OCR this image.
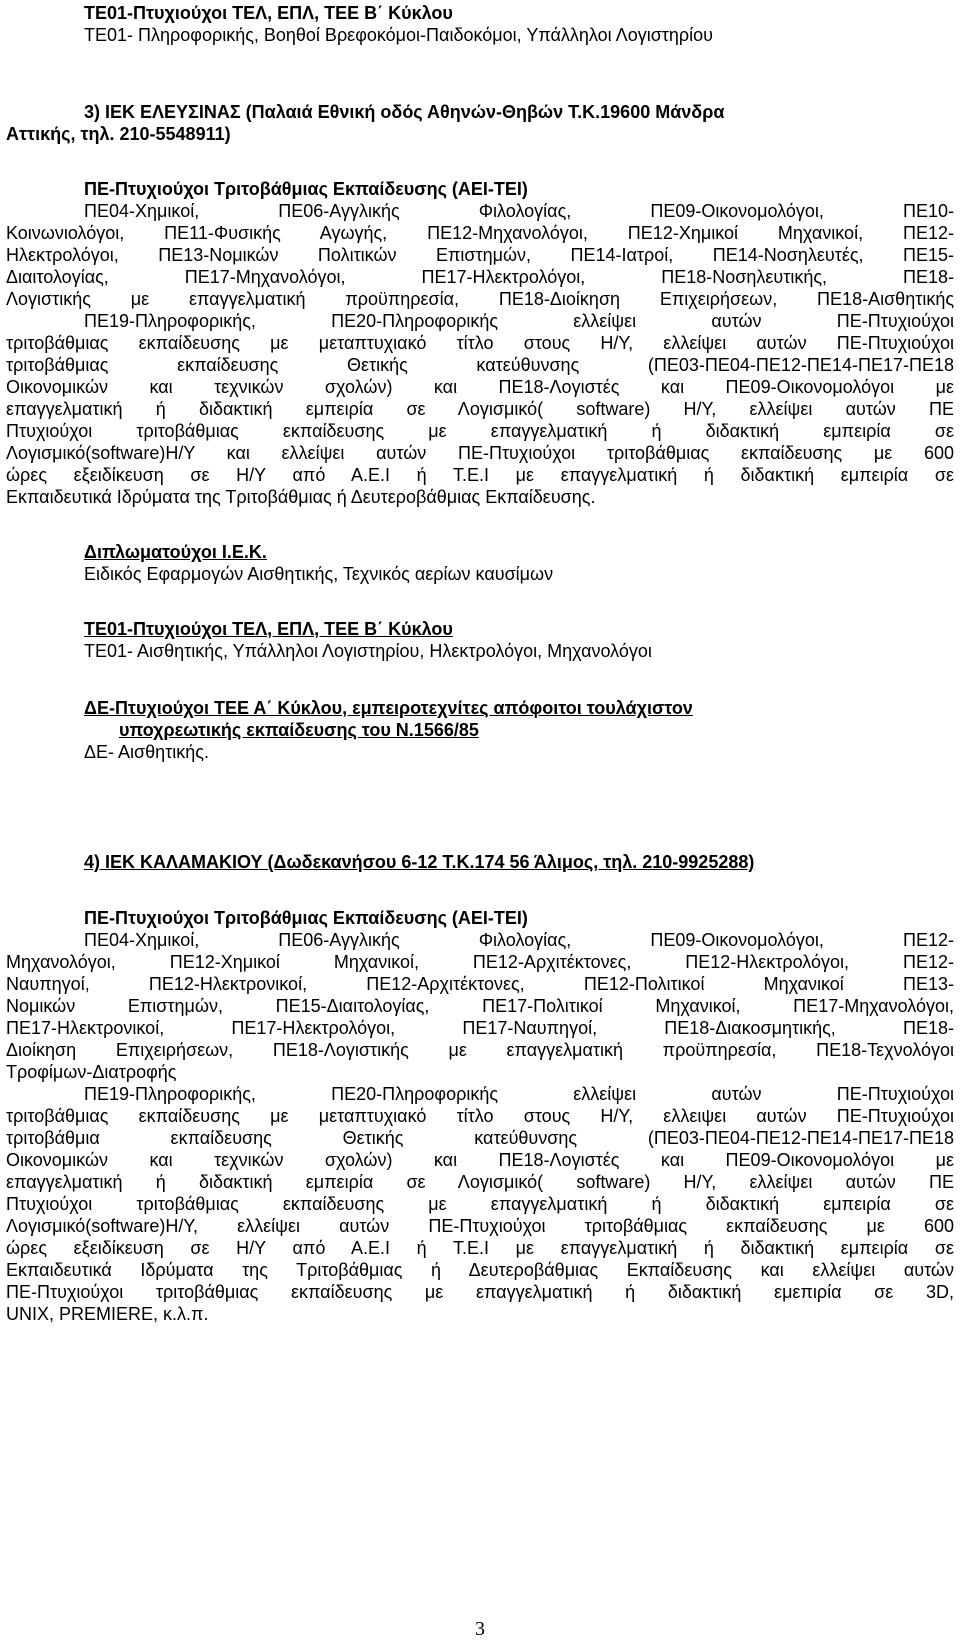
ΤΕ01-Πτυχιούχοι ΤΕΛ, ΕΠΛ, ΤΕΕ Β΄ Κύκλου
ΤΕ01- Πληροφορικής, Βοηθοί Βρεφοκόμοι-Παιδοκόμοι, Υπάλληλοι Λογιστηρίου
3) ΙΕΚ ΕΛΕΥΣΙΝΑΣ (Παλαιά Εθνική οδός Αθηνών-Θηβών Τ.Κ.19600 Μάνδρα
Αττικής, τηλ. 210-5548911)
ΠΕ-Πτυχιούχοι Τριτοβάθμιας Εκπαίδευσης (ΑΕΙ-ΤΕΙ)
ΠΕ04-Χημικοί, ΠΕ06-Αγγλικής Φιλολογίας, ΠΕ09-Οικονομολόγοι, ΠΕ10-
Κοινωνιολόγοι, ΠΕ11-Φυσικής Αγωγής, ΠΕ12-Μηχανολόγοι, ΠΕ12-Χημικοί Μηχανικοί, ΠΕ12-
Ηλεκτρολόγοι, ΠΕ13-Νομικών Πολιτικών Επιστημών, ΠΕ14-Ιατροί, ΠΕ14-Νοσηλευτές, ΠΕ15-
Διαιτολογίας, ΠΕ17-Μηχανολόγοι, ΠΕ17-Ηλεκτρολόγοι, ΠΕ18-Νοσηλευτικής, ΠΕ18-
Λογιστικής με επαγγελματική προϋπηρεσία, ΠΕ18-Διοίκηση Επιχειρήσεων, ΠΕ18-Αισθητικής
ΠΕ19-Πληροφορικής, ΠΕ20-Πληροφορικής ελλείψει αυτών ΠΕ-Πτυχιούχοι
τριτοβάθμιας εκπαίδευσης με μεταπτυχιακό τίτλο στους Η/Υ, ελλείψει αυτών ΠΕ-Πτυχιούχοι
τριτοβάθμιας εκπαίδευσης Θετικής κατεύθυνσης (ΠΕ03-ΠΕ04-ΠΕ12-ΠΕ14-ΠΕ17-ΠΕ18
Οικονομικών και τεχνικών σχολών) και ΠΕ18-Λογιστές και ΠΕ09-Οικονομολόγοι με
επαγγελματική ή διδακτική εμπειρία σε Λογισμικό( software) Η/Υ, ελλείψει αυτών ΠΕ
Πτυχιούχοι τριτοβάθμιας εκπαίδευσης με επαγγελματική ή διδακτική εμπειρία σε
Λογισμικό(software)Η/Υ και ελλείψει αυτών ΠΕ-Πτυχιούχοι τριτοβάθμιας εκπαίδευσης με 600
ώρες εξειδίκευση σε Η/Υ από Α.Ε.Ι ή Τ.Ε.Ι με επαγγελματική ή διδακτική εμπειρία σε
Εκπαιδευτικά Ιδρύματα της Τριτοβάθμιας ή Δευτεροβάθμιας Εκπαίδευσης.
Διπλωματούχοι Ι.Ε.Κ.
Ειδικός Εφαρμογών Αισθητικής, Τεχνικός αερίων καυσίμων
ΤΕ01-Πτυχιούχοι ΤΕΛ, ΕΠΛ, ΤΕΕ Β΄ Κύκλου
ΤΕ01- Αισθητικής, Υπάλληλοι Λογιστηρίου, Ηλεκτρολόγοι, Μηχανολόγοι
ΔΕ-Πτυχιούχοι ΤΕΕ Α΄ Κύκλου, εμπειροτεχνίτες απόφοιτοι τουλάχιστον
υποχρεωτικής εκπαίδευσης του Ν.1566/85
ΔΕ- Αισθητικής.
4) ΙΕΚ ΚΑΛΑΜΑΚΙΟΥ (Δωδεκανήσου 6-12 Τ.Κ.174 56 Άλιμος, τηλ. 210-9925288)
ΠΕ-Πτυχιούχοι Τριτοβάθμιας Εκπαίδευσης (ΑΕΙ-ΤΕΙ)
ΠΕ04-Χημικοί, ΠΕ06-Αγγλικής Φιλολογίας, ΠΕ09-Οικονομολόγοι, ΠΕ12-
Μηχανολόγοι, ΠΕ12-Χημικοί Μηχανικοί, ΠΕ12-Αρχιτέκτονες, ΠΕ12-Ηλεκτρολόγοι, ΠΕ12-
Ναυπηγοί, ΠΕ12-Ηλεκτρονικοί, ΠΕ12-Αρχιτέκτονες, ΠΕ12-Πολιτικοί Μηχανικοί ΠΕ13-
Νομικών Επιστημών, ΠΕ15-Διαιτολογίας, ΠΕ17-Πολιτικοί Μηχανικοί, ΠΕ17-Μηχανολόγοι,
ΠΕ17-Ηλεκτρονικοί, ΠΕ17-Ηλεκτρολόγοι, ΠΕ17-Ναυπηγοί, ΠΕ18-Διακοσμητικής, ΠΕ18-
Διοίκηση Επιχειρήσεων, ΠΕ18-Λογιστικής με επαγγελματική προϋπηρεσία, ΠΕ18-Τεχνολόγοι
Τροφίμων-Διατροφής
ΠΕ19-Πληροφορικής, ΠΕ20-Πληροφορικής ελλείψει αυτών ΠΕ-Πτυχιούχοι
τριτοβάθμιας εκπαίδευσης με μεταπτυχιακό τίτλο στους Η/Υ, ελλειψει αυτών ΠΕ-Πτυχιούχοι
τριτοβάθμια εκπαίδευσης Θετικής κατεύθυνσης (ΠΕ03-ΠΕ04-ΠΕ12-ΠΕ14-ΠΕ17-ΠΕ18
Οικονομικών και τεχνικών σχολών) και ΠΕ18-Λογιστές και ΠΕ09-Οικονομολόγοι με
επαγγελματική ή διδακτική εμπειρία σε Λογισμικό( software) Η/Υ, ελλείψει αυτών ΠΕ
Πτυχιούχοι τριτοβάθμιας εκπαίδευσης με επαγγελματική ή διδακτική εμπειρία σε
Λογισμικό(software)Η/Υ, ελλείψει αυτών ΠΕ-Πτυχιούχοι τριτοβάθμιας εκπαίδευσης με 600
ώρες εξειδίκευση σε Η/Υ από Α.Ε.Ι ή Τ.Ε.Ι με επαγγελματική ή διδακτική εμπειρία σε
Εκπαιδευτικά Ιδρύματα της Τριτοβάθμιας ή Δευτεροβάθμιας Εκπαίδευσης και ελλείψει αυτών
ΠΕ-Πτυχιούχοι τριτοβάθμιας εκπαίδευσης με επαγγελματική ή διδακτική εμεπιρία σε 3D,
UNIX, PREMIERE, κ.λ.π.
3
